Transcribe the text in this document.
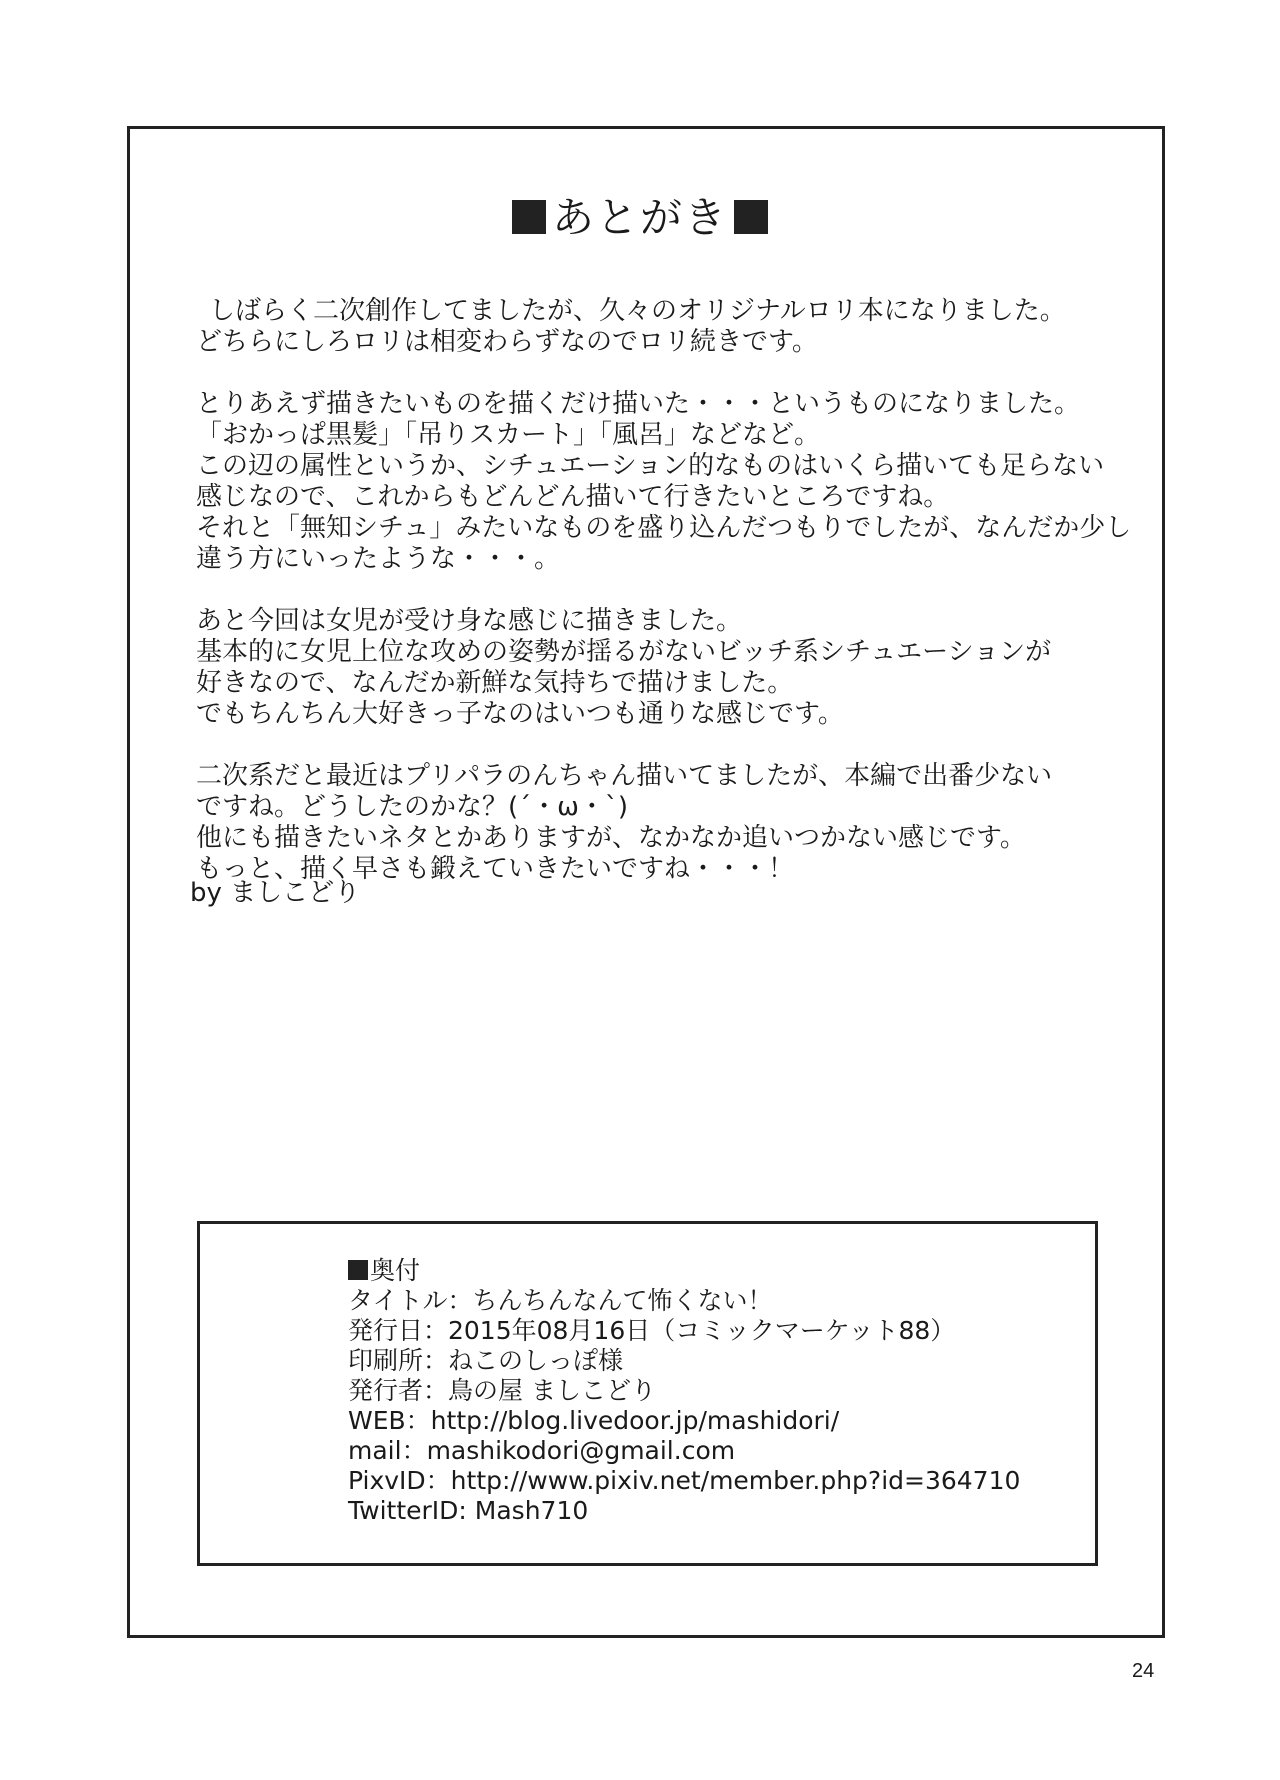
あとがき

しばらく二次創作してましたが、久々のオリジナルロリ本になりました。
どちらにしろロリは相変わらずなのでロリ続きです。

とりあえず描きたいものを描くだけ描いた・・・というものになりました。
「おかっぱ黒髪」「吊りスカート」「風呂」などなど。
この辺の属性というか、シチュエーション的なものはいくら描いても足らない
感じなので、これからもどんどん描いて行きたいところですね。
それと「無知シチュ」みたいなものを盛り込んだつもりでしたが、なんだか少し
違う方にいったような・・・。

あと今回は女児が受け身な感じに描きました。
基本的に女児上位な攻めの姿勢が揺るがないビッチ系シチュエーションが
好きなので、なんだか新鮮な気持ちで描けました。
でもちんちん大好きっ子なのはいつも通りな感じです。

二次系だと最近はプリパラのんちゃん描いてましたが、本編で出番少ない
ですね。どうしたのかな？(´・ω・`)
他にも描きたいネタとかありますが、なかなか追いつかない感じです。
もっと、描く早さも鍛えていきたいですね・・・！

by ましこどり
奥付
タイトル：ちんちんなんて怖くない！
発行日：2015年08月16日（コミックマーケット88）
印刷所：ねこのしっぽ様
発行者：鳥の屋 ましこどり
WEB：http://blog.livedoor.jp/mashidori/
mail：mashikodori@gmail.com
PixvID：http://www.pixiv.net/member.php?id=364710
TwitterID: Mash710
24
